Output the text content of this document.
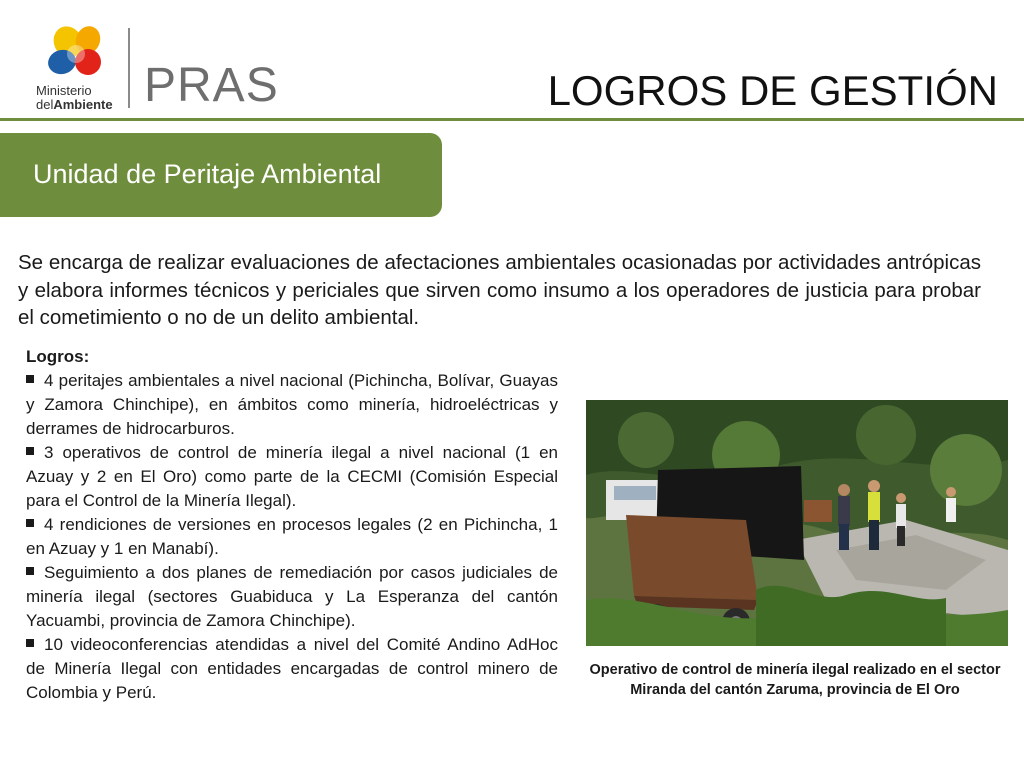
Ministerio
delAmbiente PRAS	LOGROS DE GESTIÓN
Unidad de Peritaje Ambiental

Se encarga de realizar evaluaciones de afectaciones ambientales ocasionadas por actividades antrópicas y elabora informes técnicos y periciales que sirven como insumo a los operadores de justicia para probar el cometimiento o no de un delito ambiental.

Logros:
4 peritajes ambientales a nivel nacional (Pichincha, Bolívar, Guayas y Zamora Chinchipe), en ámbitos como minería, hidroeléctricas y derrames de hidrocarburos.
3 operativos de control de minería ilegal a nivel nacional (1 en Azuay y 2 en El Oro) como parte de la CECMI (Comisión Especial para el Control de la Minería Ilegal).
4 rendiciones de versiones en procesos legales (2 en Pichincha, 1 en Azuay y 1 en Manabí).
Seguimiento a dos planes de remediación por casos judiciales de minería ilegal (sectores Guabiduca y La Esperanza del cantón Yacuambi, provincia de Zamora Chinchipe).
10 videoconferencias atendidas a nivel del Comité Andino AdHoc de Minería Ilegal con entidades encargadas de control minero de Colombia y Perú.
Operativo de control de minería ilegal realizado en el sector Miranda del cantón Zaruma, provincia de El Oro
